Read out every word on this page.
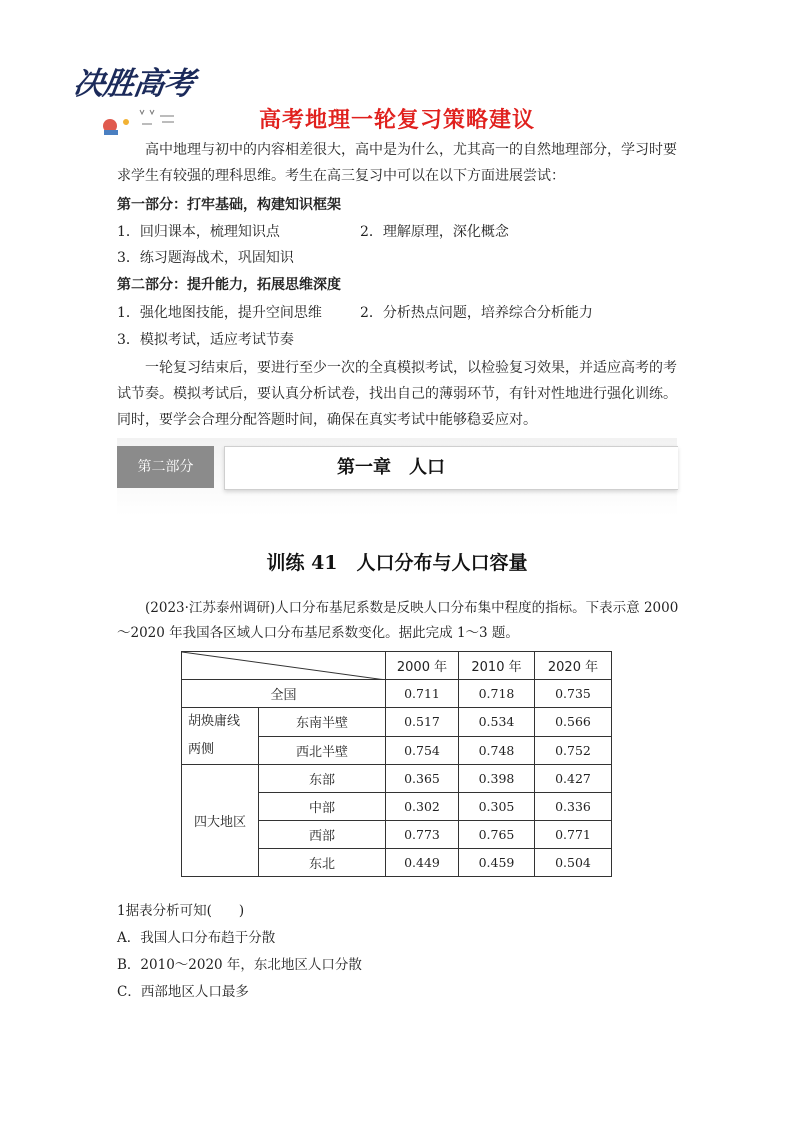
决胜高考
高考地理一轮复习策略建议
高中地理与初中的内容相差很大，高中是为什么，尤其高一的自然地理部分，学习时要求学生有较强的理科思维。考生在高三复习中可以在以下方面进展尝试：
第一部分：打牢基础，构建知识框架
1．回归课本，梳理知识点	2．理解原理，深化概念
3．练习题海战术，巩固知识
第二部分：提升能力，拓展思维深度
1．强化地图技能，提升空间思维	2．分析热点问题，培养综合分析能力
3．模拟考试，适应考试节奏
一轮复习结束后，要进行至少一次的全真模拟考试，以检验复习效果，并适应高考的考试节奏。模拟考试后，要认真分析试卷，找出自己的薄弱环节，有针对性地进行强化训练。同时，要学会合理分配答题时间，确保在真实考试中能够稳妥应对。
第二部分	第一章　人口
训练 41　人口分布与人口容量
(2023·江苏泰州调研)人口分布基尼系数是反映人口分布集中程度的指标。下表示意 2000～2020 年我国各区域人口分布基尼系数变化。据此完成 1～3 题。
	2000 年	2010 年	2020 年
全国		0.711	0.718	0.735
胡焕庸线
两侧	东南半壁	0.517	0.534	0.566
	西北半壁	0.754	0.748	0.752
四大地区	东部	0.365	0.398	0.427
	中部	0.302	0.305	0.336
	西部	0.773	0.765	0.771
	东北	0.449	0.459	0.504
1据表分析可知(　　)
A．我国人口分布趋于分散
B．2010～2020 年，东北地区人口分散
C．西部地区人口最多
